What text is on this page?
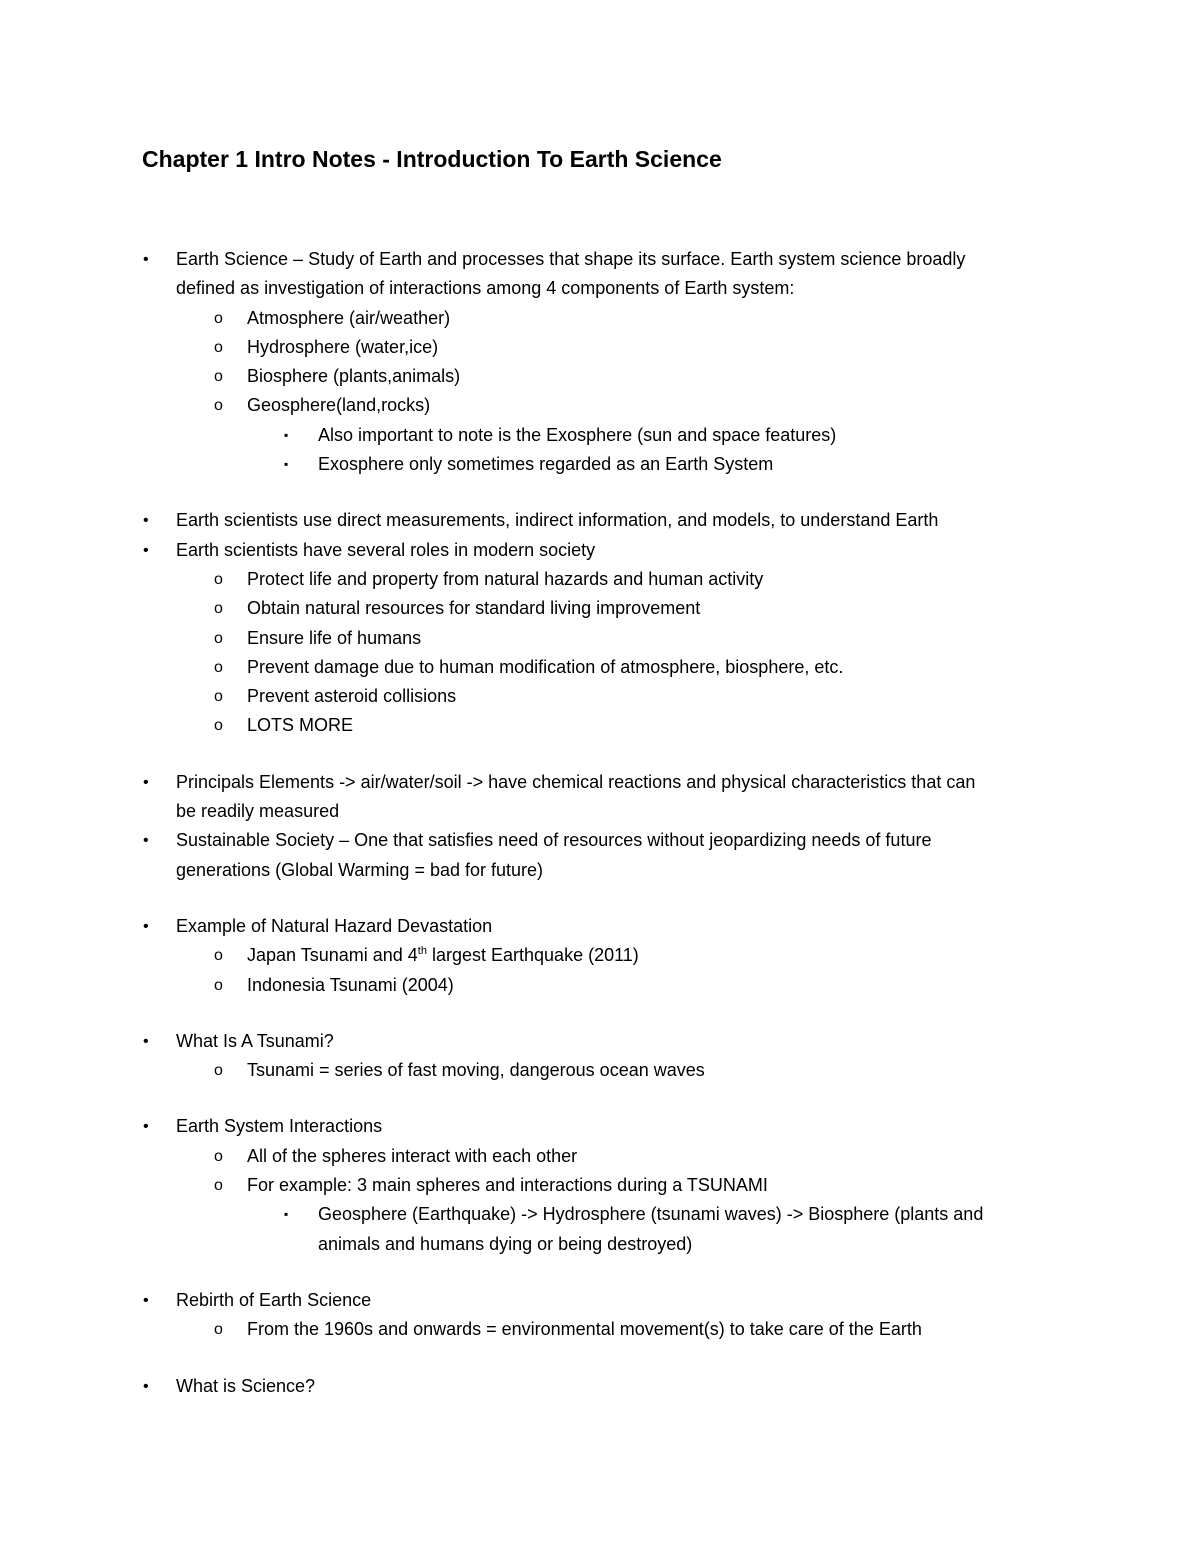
Chapter 1 Intro Notes - Introduction To Earth Science
• Earth Science – Study of Earth and processes that shape its surface. Earth system science broadly
defined as investigation of interactions among 4 components of Earth system:
o Atmosphere (air/weather)
o Hydrosphere (water,ice)
o Biosphere (plants,animals)
o Geosphere(land,rocks)
▪ Also important to note is the Exosphere (sun and space features)
▪ Exosphere only sometimes regarded as an Earth System
• Earth scientists use direct measurements, indirect information, and models, to understand Earth
• Earth scientists have several roles in modern society
o Protect life and property from natural hazards and human activity
o Obtain natural resources for standard living improvement
o Ensure life of humans
o Prevent damage due to human modification of atmosphere, biosphere, etc.
o Prevent asteroid collisions
o LOTS MORE
• Principals Elements -> air/water/soil -> have chemical reactions and physical characteristics that can
be readily measured
• Sustainable Society – One that satisfies need of resources without jeopardizing needs of future
generations (Global Warming = bad for future)
• Example of Natural Hazard Devastation
o Japan Tsunami and 4th largest Earthquake (2011)
o Indonesia Tsunami (2004)
• What Is A Tsunami?
o Tsunami = series of fast moving, dangerous ocean waves
• Earth System Interactions
o All of the spheres interact with each other
o For example: 3 main spheres and interactions during a TSUNAMI
▪ Geosphere (Earthquake) -> Hydrosphere (tsunami waves) -> Biosphere (plants and
animals and humans dying or being destroyed)
• Rebirth of Earth Science
o From the 1960s and onwards = environmental movement(s) to take care of the Earth
• What is Science?
